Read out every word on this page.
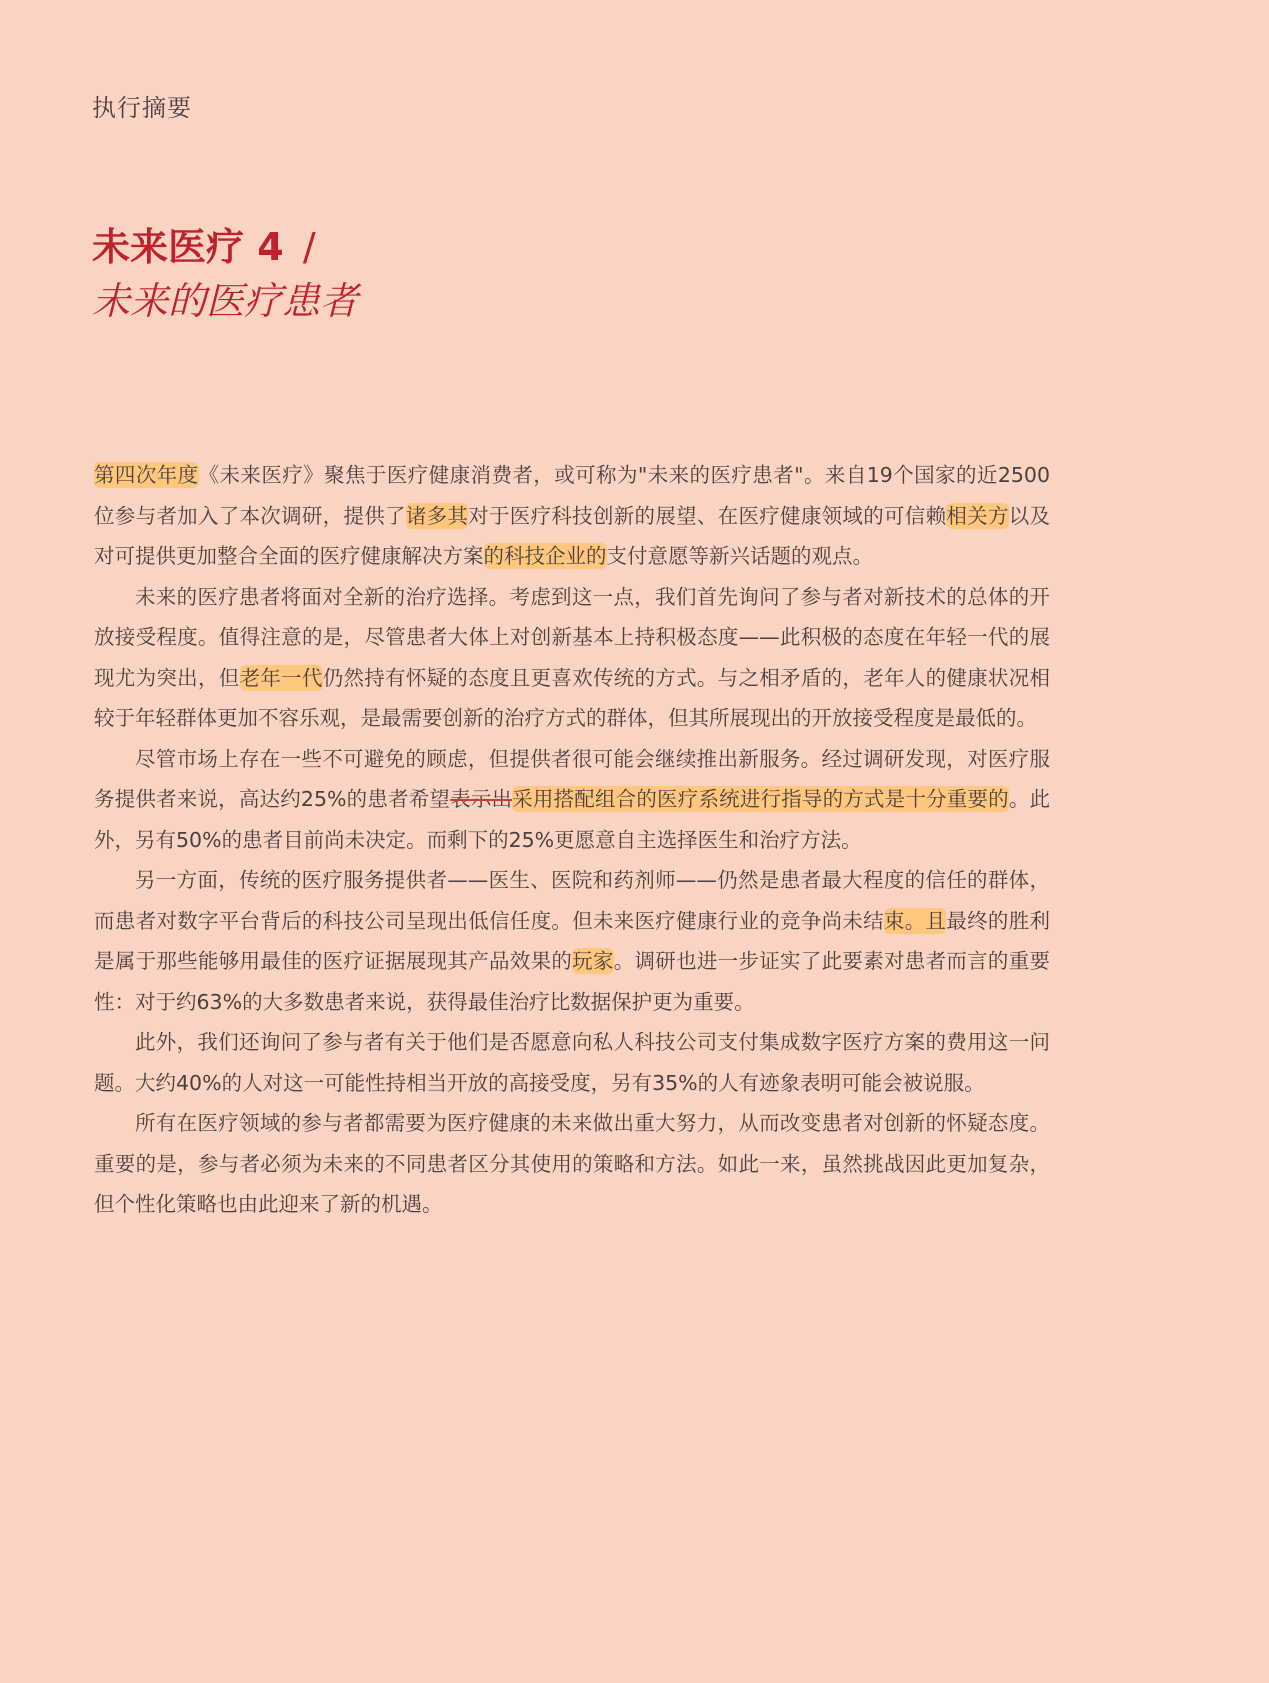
执行摘要
未来医疗 4 /
未来的医疗患者

第四次年度《未来医疗》聚焦于医疗健康消费者，或可称为"未来的医疗患者"。来自19个国家的近2500位参与者加入了本次调研，提供了诸多其对于医疗科技创新的展望、在医疗健康领域的可信赖相关方以及对可提供更加整合全面的医疗健康解决方案的科技企业的支付意愿等新兴话题的观点。

未来的医疗患者将面对全新的治疗选择。考虑到这一点，我们首先询问了参与者对新技术的总体的开放接受程度。值得注意的是，尽管患者大体上对创新基本上持积极态度——此积极的态度在年轻一代的展现尤为突出，但老年一代仍然持有怀疑的态度且更喜欢传统的方式。与之相矛盾的，老年人的健康状况相较于年轻群体更加不容乐观，是最需要创新的治疗方式的群体，但其所展现出的开放接受程度是最低的。

尽管市场上存在一些不可避免的顾虑，但提供者很可能会继续推出新服务。经过调研发现，对医疗服务提供者来说，高达约25%的患者希望表示出采用搭配组合的医疗系统进行指导的方式是十分重要的。此外，另有50%的患者目前尚未决定。而剩下的25%更愿意自主选择医生和治疗方法。

另一方面，传统的医疗服务提供者——医生、医院和药剂师——仍然是患者最大程度的信任的群体，而患者对数字平台背后的科技公司呈现出低信任度。但未来医疗健康行业的竞争尚未结束。且最终的胜利是属于那些能够用最佳的医疗证据展现其产品效果的玩家。调研也进一步证实了此要素对患者而言的重要性：对于约63%的大多数患者来说，获得最佳治疗比数据保护更为重要。

此外，我们还询问了参与者有关于他们是否愿意向私人科技公司支付集成数字医疗方案的费用这一问题。大约40%的人对这一可能性持相当开放的高接受度，另有35%的人有迹象表明可能会被说服。

所有在医疗领域的参与者都需要为医疗健康的未来做出重大努力，从而改变患者对创新的怀疑态度。重要的是，参与者必须为未来的不同患者区分其使用的策略和方法。如此一来，虽然挑战因此更加复杂，但个性化策略也由此迎来了新的机遇。
